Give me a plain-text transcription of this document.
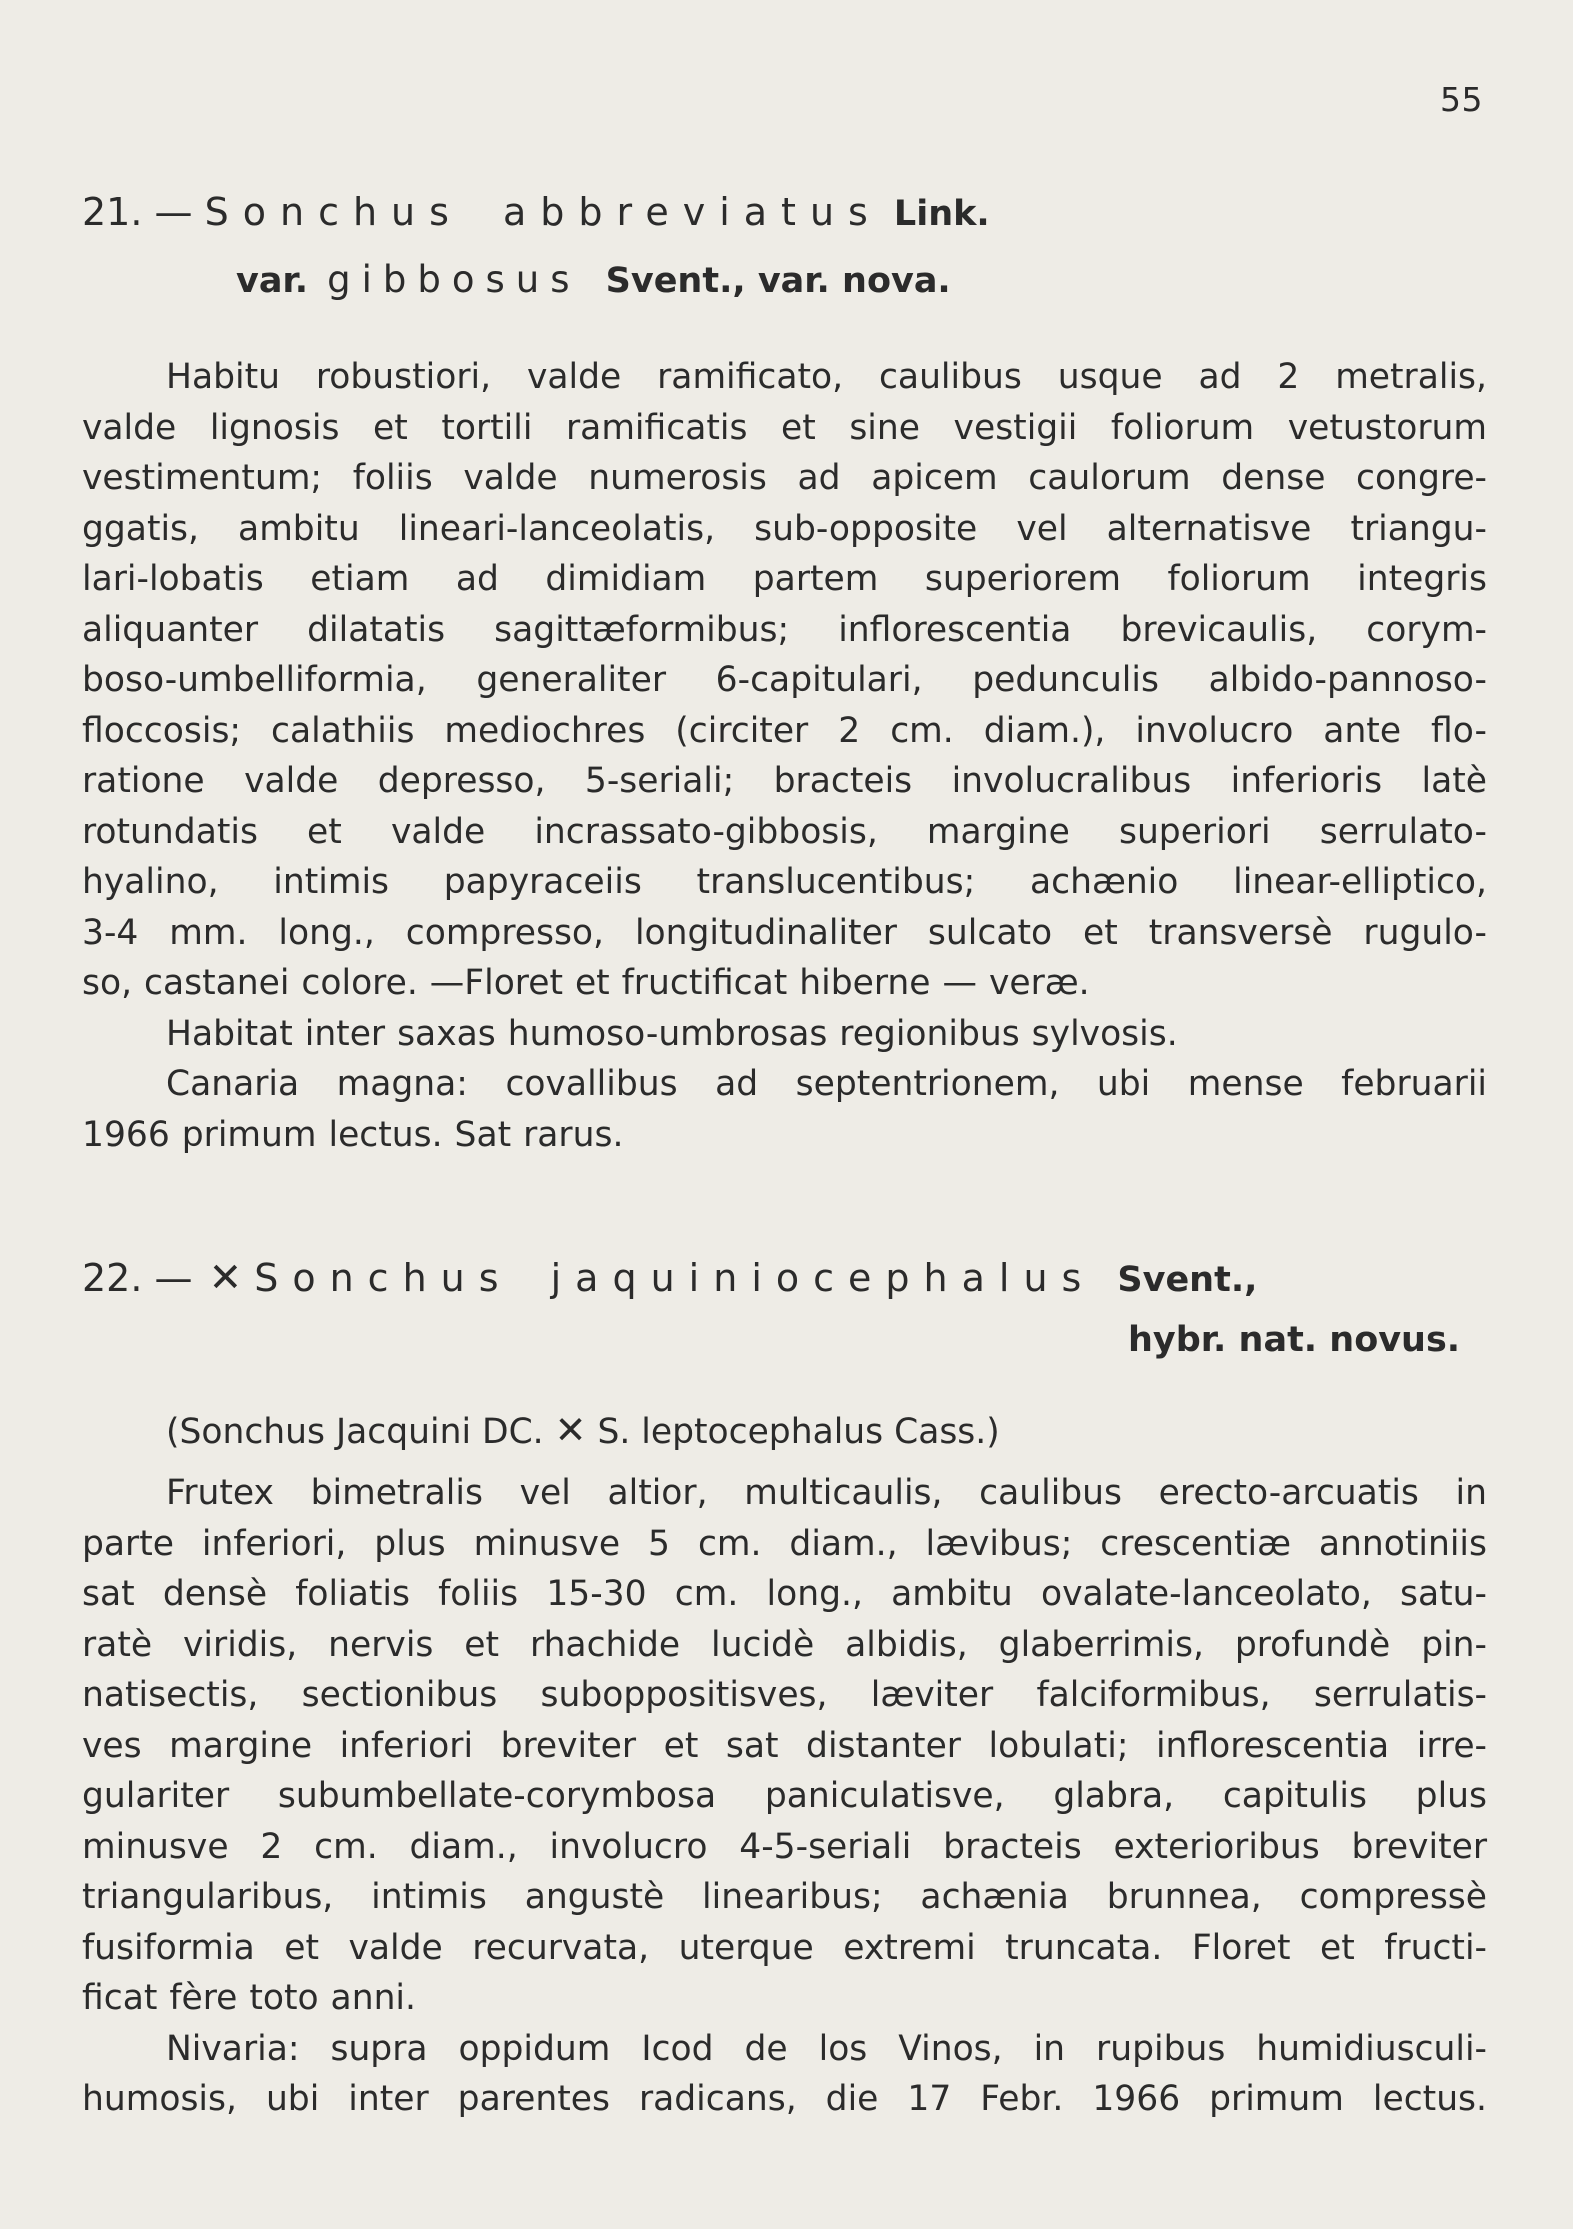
55
21. — Sonchus abbreviatus Link.
var. gibbosus Svent., var. nova.
Habitu robustiori, valde ramificato, caulibus usque ad 2 metralis,
valde lignosis et tortili ramificatis et sine vestigii foliorum vetustorum
vestimentum; foliis valde numerosis ad apicem caulorum dense congre-
ggatis, ambitu lineari-lanceolatis, sub-opposite vel alternatisve triangu-
lari-lobatis etiam ad dimidiam partem superiorem foliorum integris
aliquanter dilatatis sagittæformibus; inflorescentia brevicaulis, corym-
boso-umbelliformia, generaliter 6-capitulari, pedunculis albido-pannoso-
floccosis; calathiis mediochres (circiter 2 cm. diam.), involucro ante flo-
ratione valde depresso, 5-seriali; bracteis involucralibus inferioris latè
rotundatis et valde incrassato-gibbosis, margine superiori serrulato-
hyalino, intimis papyraceiis translucentibus; achænio linear-elliptico,
3-4 mm. long., compresso, longitudinaliter sulcato et transversè rugulo-
so, castanei colore. —Floret et fructificat hiberne — veræ.
Habitat inter saxas humoso-umbrosas regionibus sylvosis.
Canaria magna: covallibus ad septentrionem, ubi mense februarii
1966 primum lectus. Sat rarus.
22. — ✕ Sonchus jaquiniocephalus Svent.,
hybr. nat. novus.
(Sonchus Jacquini DC. ✕ S. leptocephalus Cass.)
Frutex bimetralis vel altior, multicaulis, caulibus erecto-arcuatis in
parte inferiori, plus minusve 5 cm. diam., lævibus; crescentiæ annotiniis
sat densè foliatis foliis 15-30 cm. long., ambitu ovalate-lanceolato, satu-
ratè viridis, nervis et rhachide lucidè albidis, glaberrimis, profundè pin-
natisectis, sectionibus suboppositisves, læviter falciformibus, serrulatis-
ves margine inferiori breviter et sat distanter lobulati; inflorescentia irre-
gulariter subumbellate-corymbosa paniculatisve, glabra, capitulis plus
minusve 2 cm. diam., involucro 4-5-seriali bracteis exterioribus breviter
triangularibus, intimis angustè linearibus; achænia brunnea, compressè
fusiformia et valde recurvata, uterque extremi truncata. Floret et fructi-
ficat fère toto anni.
Nivaria: supra oppidum Icod de los Vinos, in rupibus humidiusculi-
humosis, ubi inter parentes radicans, die 17 Febr. 1966 primum lectus.
